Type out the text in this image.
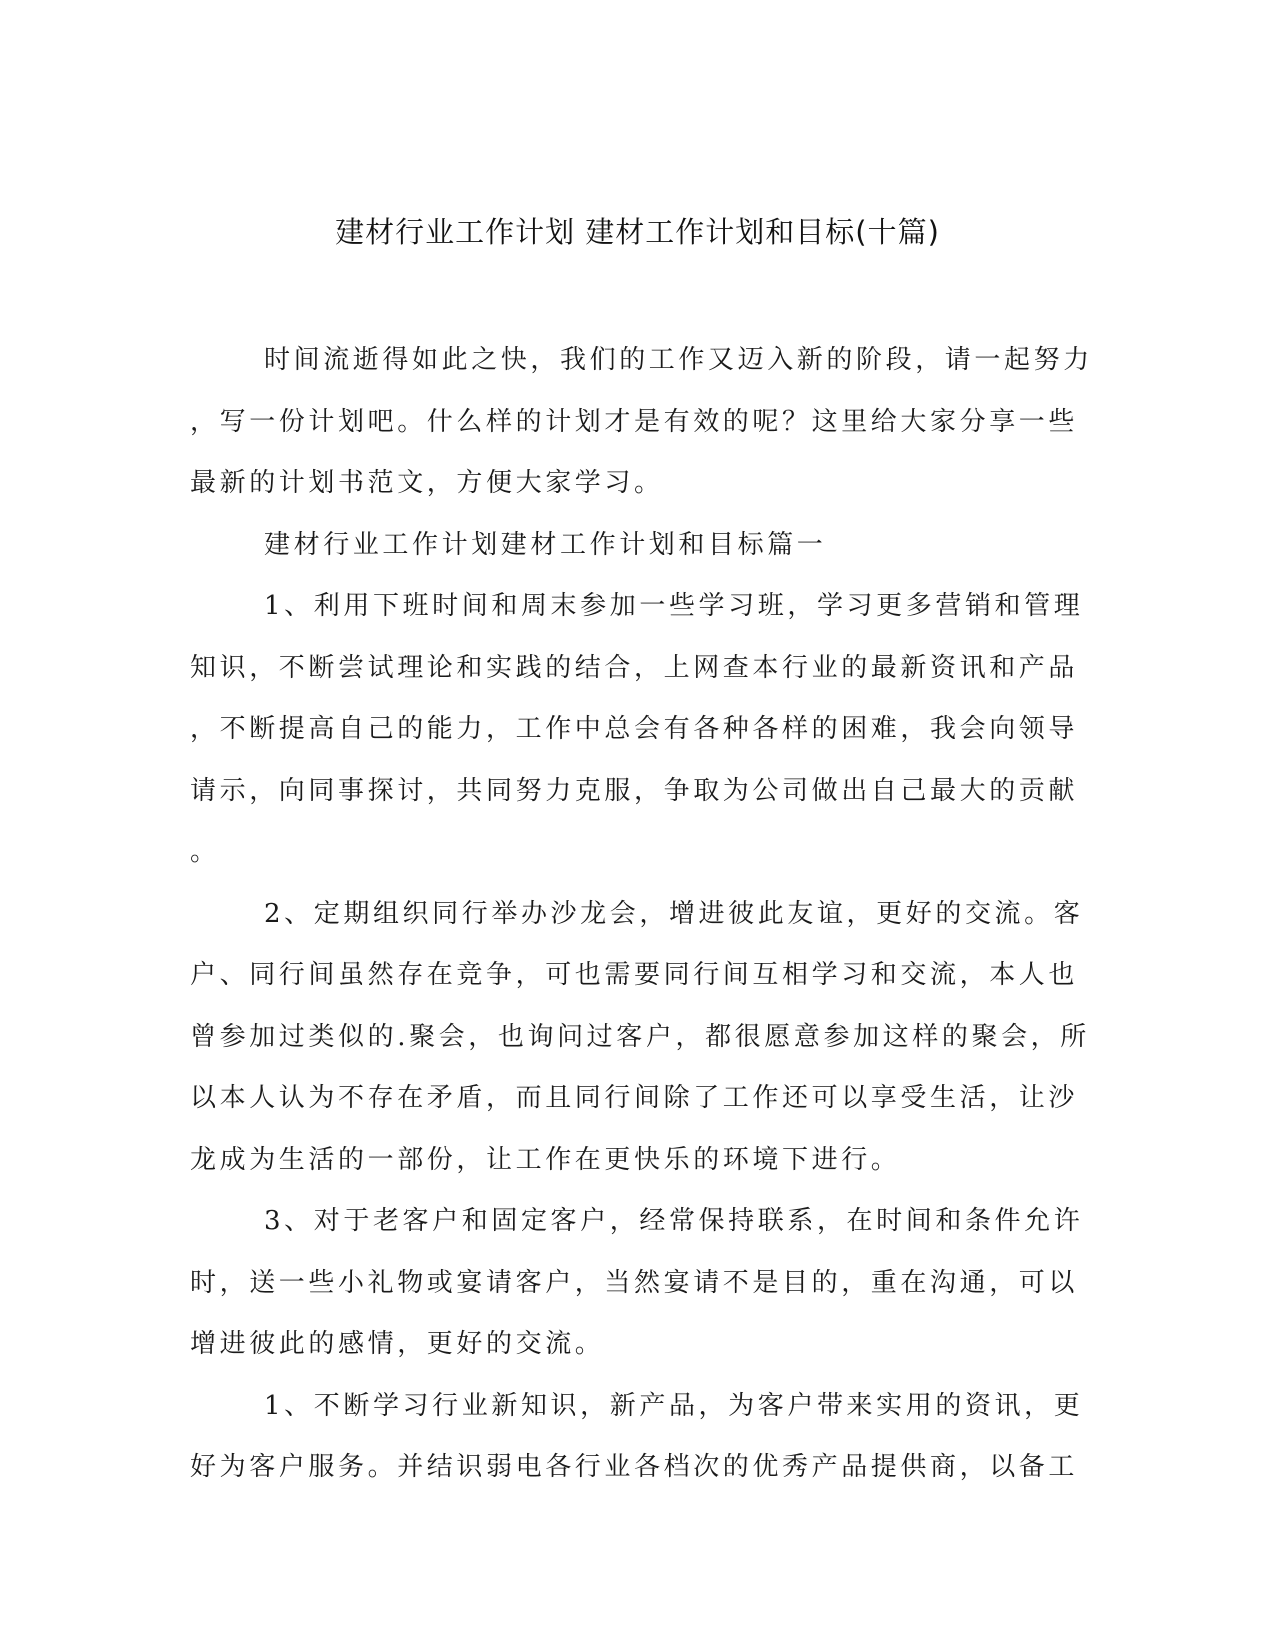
建材行业工作计划 建材工作计划和目标(十篇)

时间流逝得如此之快，我们的工作又迈入新的阶段，请一起努力
，写一份计划吧。什么样的计划才是有效的呢？这里给大家分享一些
最新的计划书范文，方便大家学习。

建材行业工作计划建材工作计划和目标篇一

1、利用下班时间和周末参加一些学习班，学习更多营销和管理
知识，不断尝试理论和实践的结合，上网查本行业的最新资讯和产品
，不断提高自己的能力，工作中总会有各种各样的困难，我会向领导
请示，向同事探讨，共同努力克服，争取为公司做出自己最大的贡献
。

2、定期组织同行举办沙龙会，增进彼此友谊，更好的交流。客
户、同行间虽然存在竞争，可也需要同行间互相学习和交流，本人也
曾参加过类似的.聚会，也询问过客户，都很愿意参加这样的聚会，所
以本人认为不存在矛盾，而且同行间除了工作还可以享受生活，让沙
龙成为生活的一部份，让工作在更快乐的环境下进行。

3、对于老客户和固定客户，经常保持联系，在时间和条件允许
时，送一些小礼物或宴请客户，当然宴请不是目的，重在沟通，可以
增进彼此的感情，更好的交流。

1、不断学习行业新知识，新产品，为客户带来实用的资讯，更
好为客户服务。并结识弱电各行业各档次的优秀产品提供商，以备工
